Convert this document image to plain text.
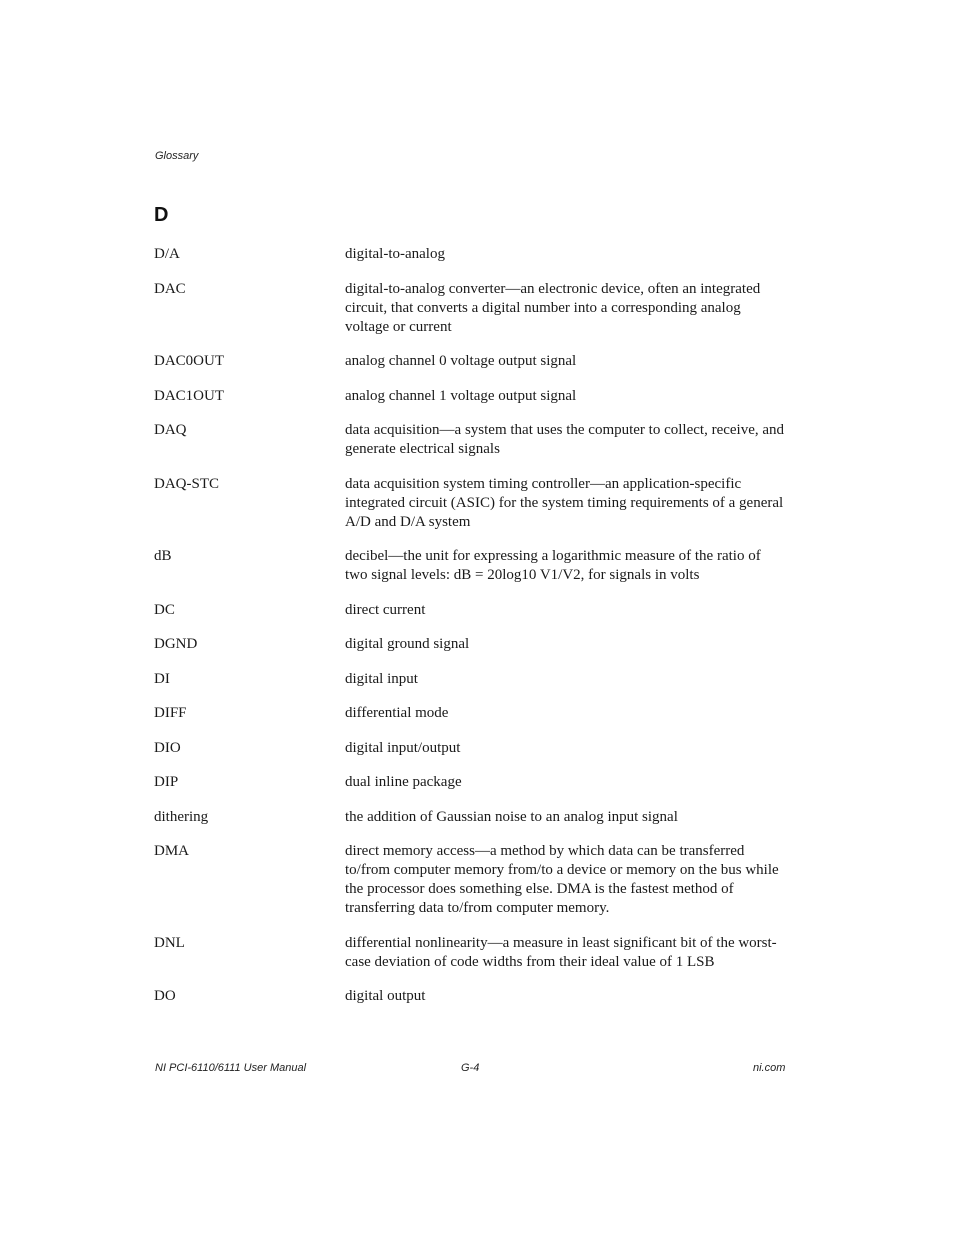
Glossary
D
D/A	digital-to-analog
DAC	digital-to-analog converter—an electronic device, often an integrated circuit, that converts a digital number into a corresponding analog voltage or current
DAC0OUT	analog channel 0 voltage output signal
DAC1OUT	analog channel 1 voltage output signal
DAQ	data acquisition—a system that uses the computer to collect, receive, and generate electrical signals
DAQ-STC	data acquisition system timing controller—an application-specific integrated circuit (ASIC) for the system timing requirements of a general A/D and D/A system
dB	decibel—the unit for expressing a logarithmic measure of the ratio of two signal levels: dB = 20log10 V1/V2, for signals in volts
DC	direct current
DGND	digital ground signal
DI	digital input
DIFF	differential mode
DIO	digital input/output
DIP	dual inline package
dithering	the addition of Gaussian noise to an analog input signal
DMA	direct memory access—a method by which data can be transferred to/from computer memory from/to a device or memory on the bus while the processor does something else. DMA is the fastest method of transferring data to/from computer memory.
DNL	differential nonlinearity—a measure in least significant bit of the worst-case deviation of code widths from their ideal value of 1 LSB
DO	digital output
NI PCI-6110/6111 User Manual	G-4	ni.com
